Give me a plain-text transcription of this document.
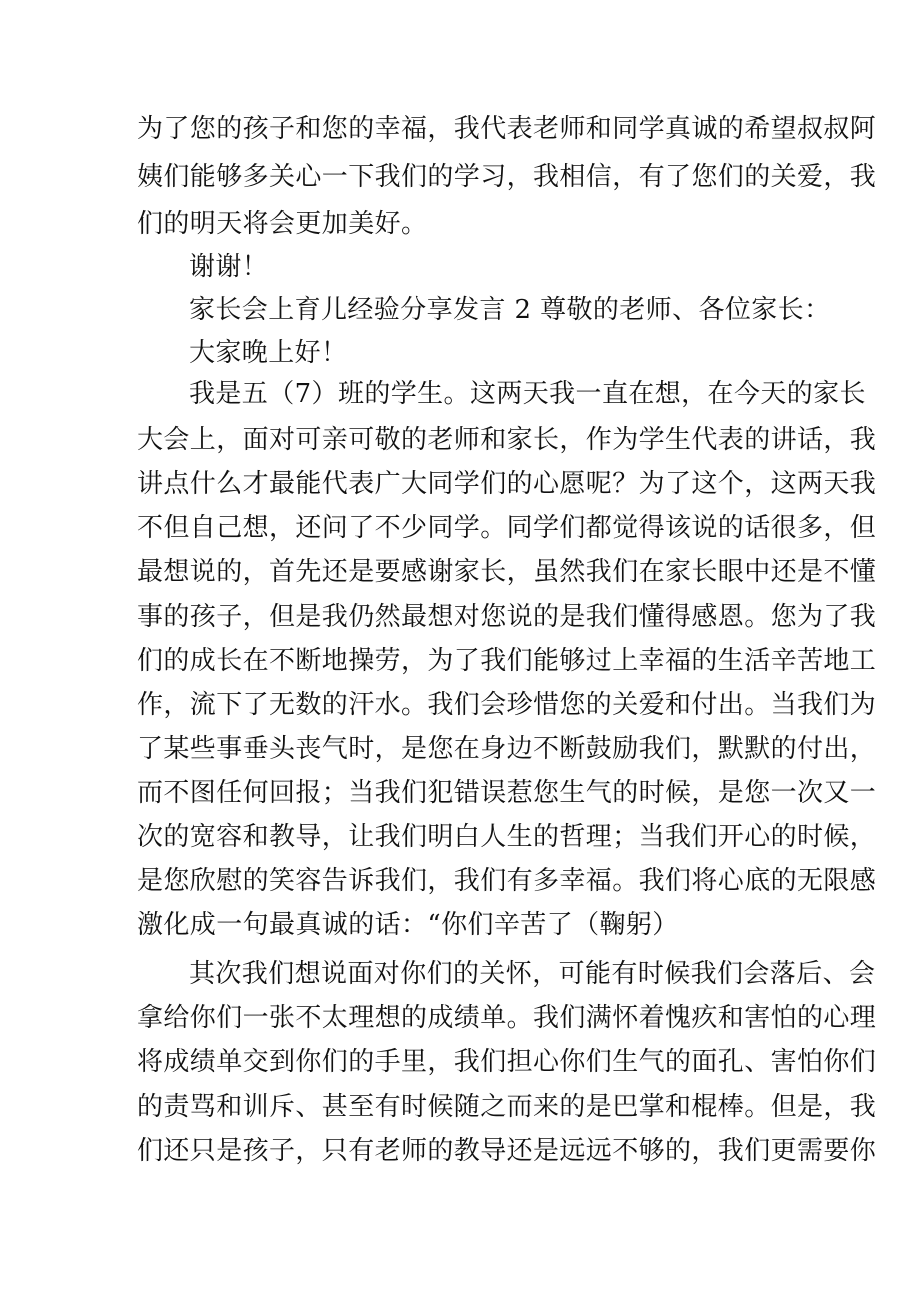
为了您的孩子和您的幸福，我代表老师和同学真诚的希望叔叔阿
姨们能够多关心一下我们的学习，我相信，有了您们的关爱，我
们的明天将会更加美好。
谢谢！
家长会上育儿经验分享发言 2 尊敬的老师、各位家长：
大家晚上好！
我是五（7）班的学生。这两天我一直在想，在今天的家长
大会上，面对可亲可敬的老师和家长，作为学生代表的讲话，我
讲点什么才最能代表广大同学们的心愿呢？为了这个，这两天我
不但自己想，还问了不少同学。同学们都觉得该说的话很多，但
最想说的，首先还是要感谢家长，虽然我们在家长眼中还是不懂
事的孩子，但是我仍然最想对您说的是我们懂得感恩。您为了我
们的成长在不断地操劳，为了我们能够过上幸福的生活辛苦地工
作，流下了无数的汗水。我们会珍惜您的关爱和付出。当我们为
了某些事垂头丧气时，是您在身边不断鼓励我们，默默的付出，
而不图任何回报；当我们犯错误惹您生气的时候，是您一次又一
次的宽容和教导，让我们明白人生的哲理；当我们开心的时候，
是您欣慰的笑容告诉我们，我们有多幸福。我们将心底的无限感
激化成一句最真诚的话：“你们辛苦了（鞠躬）
其次我们想说面对你们的关怀，可能有时候我们会落后、会
拿给你们一张不太理想的成绩单。我们满怀着愧疚和害怕的心理
将成绩单交到你们的手里，我们担心你们生气的面孔、害怕你们
的责骂和训斥、甚至有时候随之而来的是巴掌和棍棒。但是，我
们还只是孩子，只有老师的教导还是远远不够的，我们更需要你
